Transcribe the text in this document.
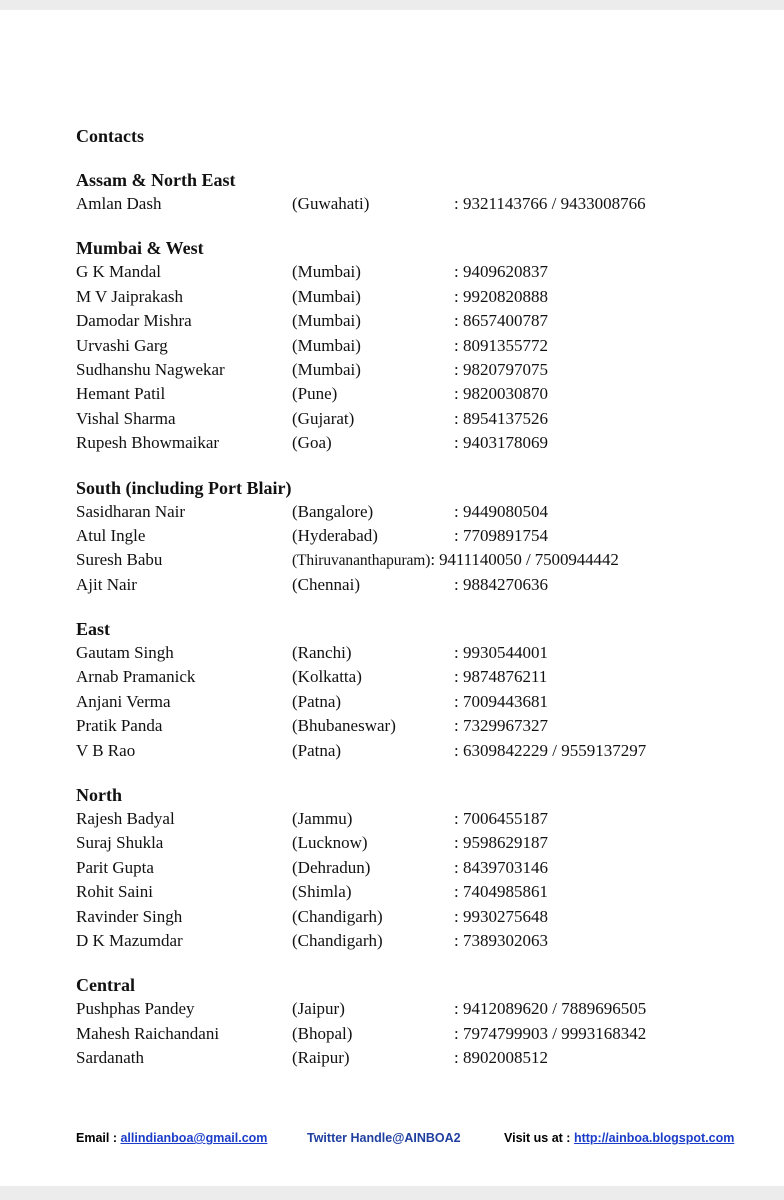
Contacts
Assam & North East
Amlan Dash	(Guwahati)	: 9321143766 / 9433008766
Mumbai & West
G K Mandal	(Mumbai)	: 9409620837
M V Jaiprakash	(Mumbai)	: 9920820888
Damodar Mishra	(Mumbai)	: 8657400787
Urvashi Garg	(Mumbai)	: 8091355772
Sudhanshu Nagwekar	(Mumbai)	: 9820797075
Hemant Patil	(Pune)	: 9820030870
Vishal Sharma	(Gujarat)	: 8954137526
Rupesh Bhowmaikar	(Goa)	: 9403178069
South (including Port Blair)
Sasidharan Nair	(Bangalore)	: 9449080504
Atul Ingle	(Hyderabad)	: 7709891754
Suresh Babu	(Thiruvananthapuram): 9411140050 / 7500944442
Ajit Nair	(Chennai)	: 9884270636
East
Gautam Singh	(Ranchi)	: 9930544001
Arnab Pramanick	(Kolkatta)	: 9874876211
Anjani Verma	(Patna)	: 7009443681
Pratik Panda	(Bhubaneswar)	: 7329967327
V B Rao	(Patna)	: 6309842229 / 9559137297
North
Rajesh Badyal	(Jammu)	: 7006455187
Suraj Shukla	(Lucknow)	: 9598629187
Parit Gupta	(Dehradun)	: 8439703146
Rohit Saini	(Shimla)	: 7404985861
Ravinder Singh	(Chandigarh)	: 9930275648
D K Mazumdar	(Chandigarh)	: 7389302063
Central
Pushphas Pandey	(Jaipur)	: 9412089620 / 7889696505
Mahesh Raichandani	(Bhopal)	: 7974799903 / 9993168342
Sardanath	(Raipur)	: 8902008512
Email : allindianboa@gmail.com	Twitter Handle@AINBOA2	Visit us at : http://ainboa.blogspot.com
